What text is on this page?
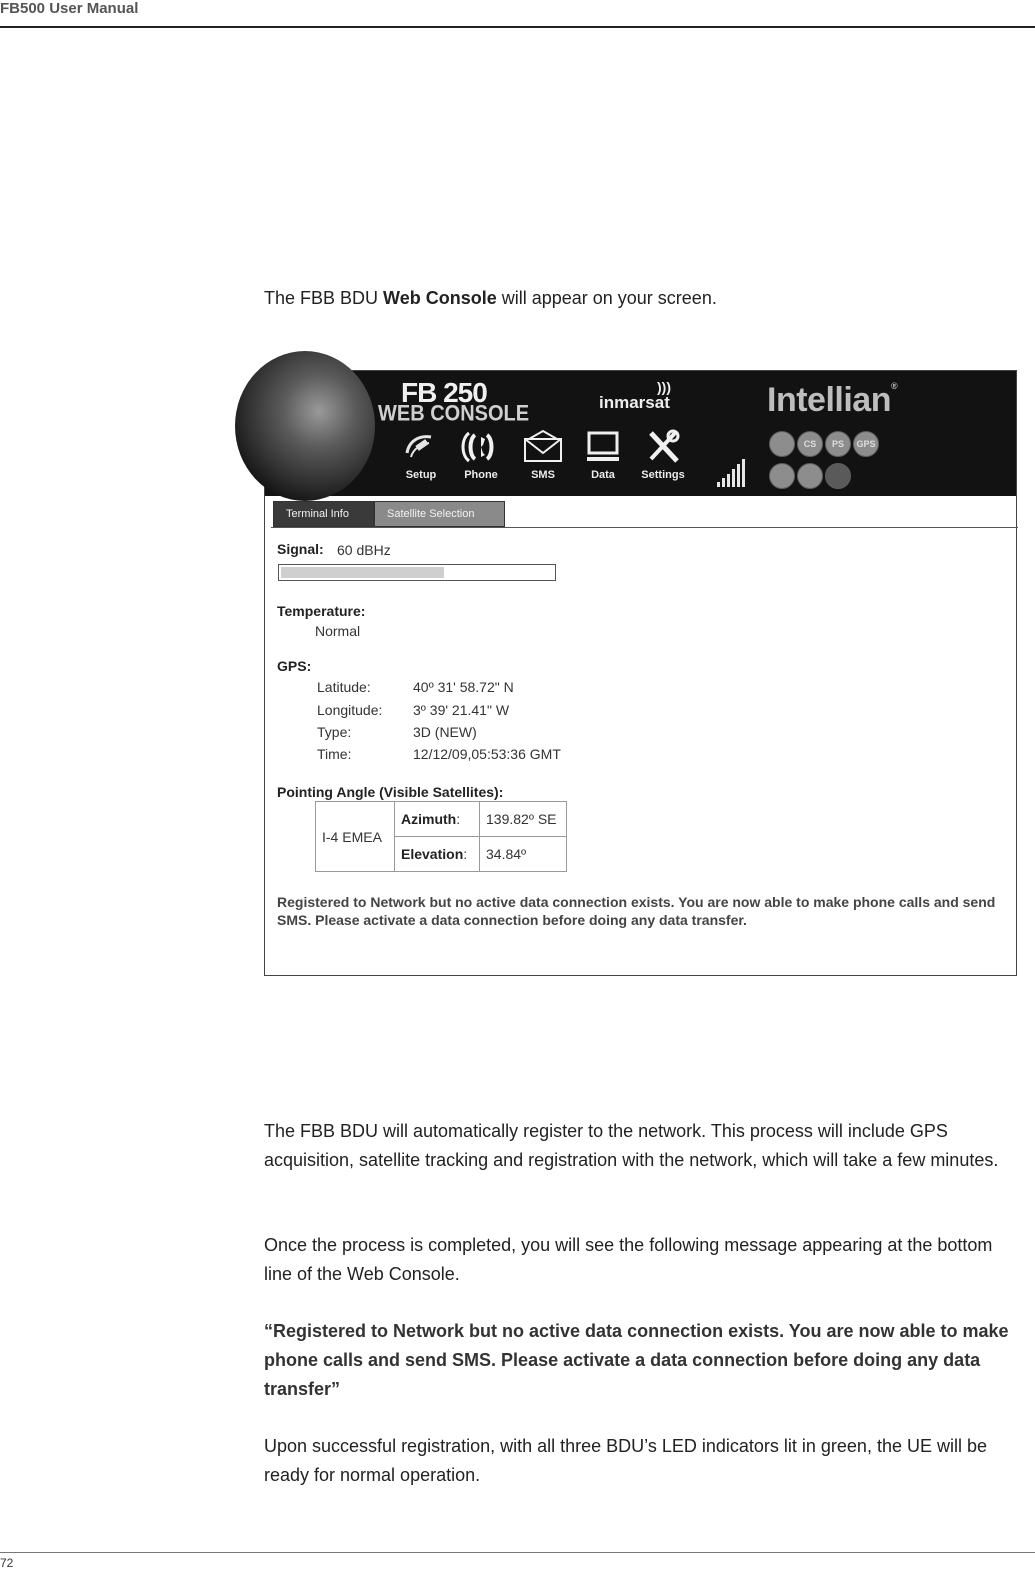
FB500 User Manual
The FBB BDU Web Console will appear on your screen.
FB 250
WEB CONSOLE
)))
inmarsat	Intellian®
Setup	Phone	SMS	Data	Settings
CS	PS	GPS
Terminal Info	Satellite Selection
Signal: 60 dBHz
Temperature:
Normal
GPS:
Latitude:	40º 31' 58.72" N
Longitude: 3º 39' 21.41" W
Type:	3D (NEW)
Time:	12/12/09,05:53:36 GMT
Pointing Angle (Visible Satellites):
I-4 EMEA	Azimuth:	139.82º SE
	Elevation:	34.84º
Registered to Network but no active data connection exists. You are now able to make phone calls and send SMS. Please activate a data connection before doing any data transfer.
The FBB BDU will automatically register to the network. This process will include GPS acquisition, satellite tracking and registration with the network, which will take a few minutes.
Once the process is completed, you will see the following message appearing at the bottom line of the Web Console.
“Registered to Network but no active data connection exists. You are now able to make phone calls and send SMS. Please activate a data connection before doing any data transfer”
Upon successful registration, with all three BDU’s LED indicators lit in green, the UE will be ready for normal operation.
72
